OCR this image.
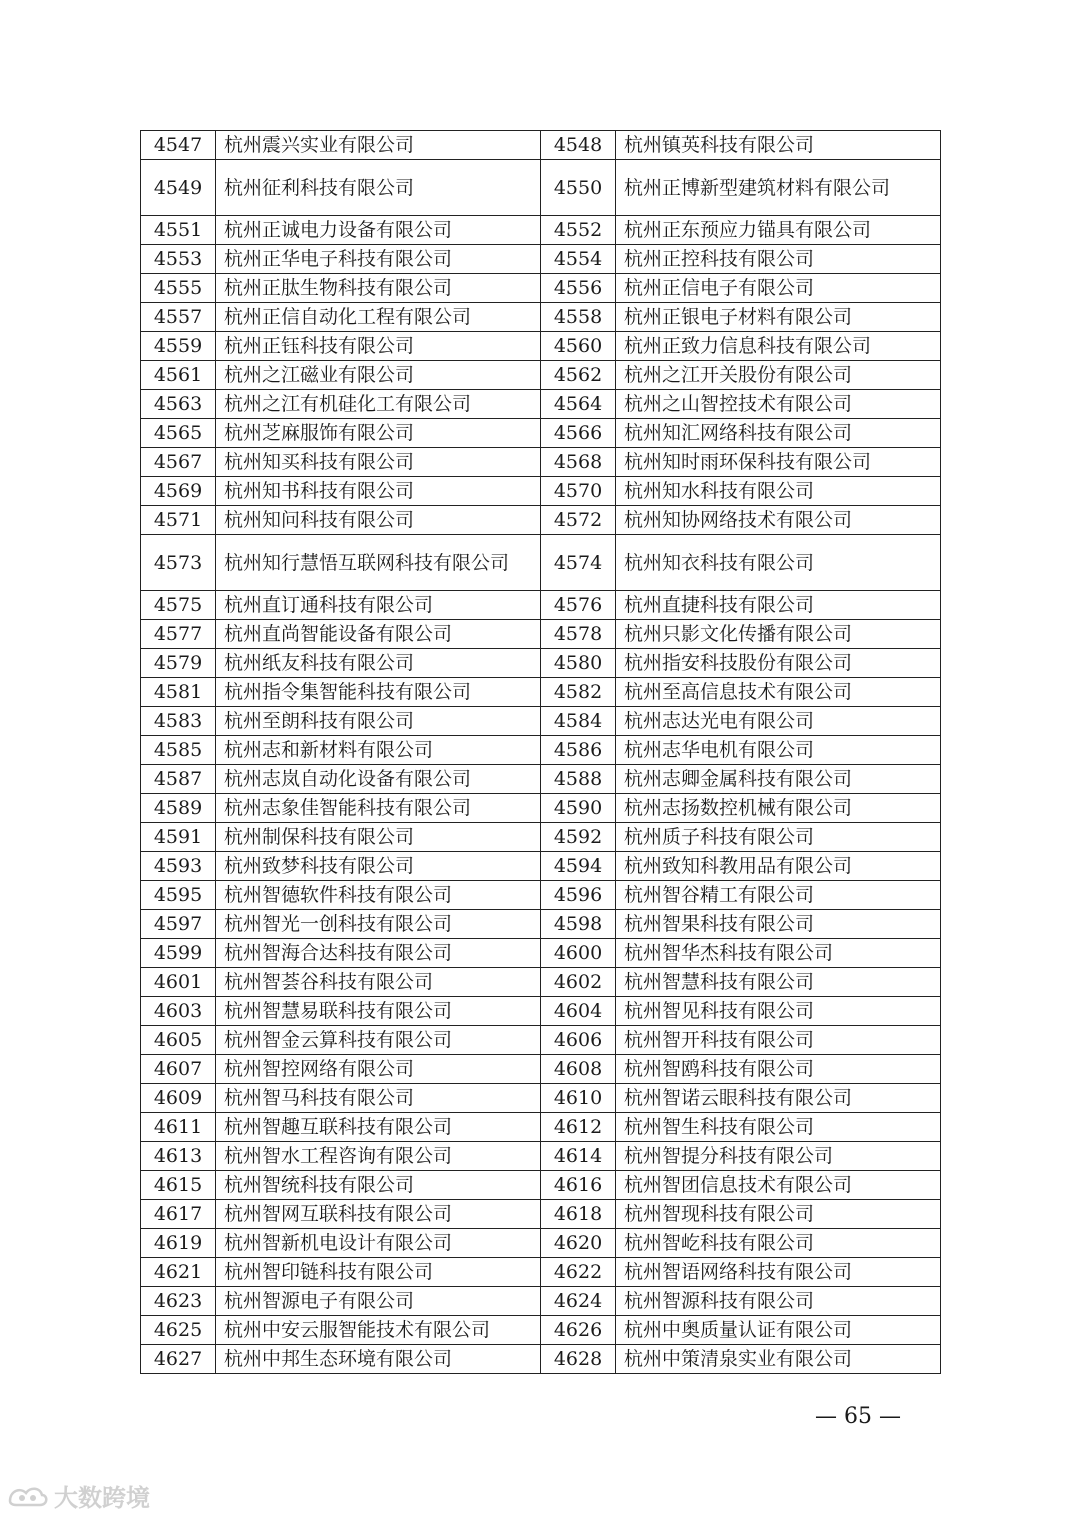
4547	杭州震兴实业有限公司	4548	杭州镇英科技有限公司
4549	杭州征利科技有限公司	4550	杭州正博新型建筑材料有限公司
4551	杭州正诚电力设备有限公司	4552	杭州正东预应力锚具有限公司
4553	杭州正华电子科技有限公司	4554	杭州正控科技有限公司
4555	杭州正肽生物科技有限公司	4556	杭州正信电子有限公司
4557	杭州正信自动化工程有限公司	4558	杭州正银电子材料有限公司
4559	杭州正钰科技有限公司	4560	杭州正致力信息科技有限公司
4561	杭州之江磁业有限公司	4562	杭州之江开关股份有限公司
4563	杭州之江有机硅化工有限公司	4564	杭州之山智控技术有限公司
4565	杭州芝麻服饰有限公司	4566	杭州知汇网络科技有限公司
4567	杭州知买科技有限公司	4568	杭州知时雨环保科技有限公司
4569	杭州知书科技有限公司	4570	杭州知水科技有限公司
4571	杭州知问科技有限公司	4572	杭州知协网络技术有限公司
4573	杭州知行慧悟互联网科技有限公司	4574	杭州知衣科技有限公司
4575	杭州直订通科技有限公司	4576	杭州直捷科技有限公司
4577	杭州直尚智能设备有限公司	4578	杭州只影文化传播有限公司
4579	杭州纸友科技有限公司	4580	杭州指安科技股份有限公司
4581	杭州指令集智能科技有限公司	4582	杭州至高信息技术有限公司
4583	杭州至朗科技有限公司	4584	杭州志达光电有限公司
4585	杭州志和新材料有限公司	4586	杭州志华电机有限公司
4587	杭州志岚自动化设备有限公司	4588	杭州志卿金属科技有限公司
4589	杭州志象佳智能科技有限公司	4590	杭州志扬数控机械有限公司
4591	杭州制保科技有限公司	4592	杭州质子科技有限公司
4593	杭州致梦科技有限公司	4594	杭州致知科教用品有限公司
4595	杭州智德软件科技有限公司	4596	杭州智谷精工有限公司
4597	杭州智光一创科技有限公司	4598	杭州智果科技有限公司
4599	杭州智海合达科技有限公司	4600	杭州智华杰科技有限公司
4601	杭州智荟谷科技有限公司	4602	杭州智慧科技有限公司
4603	杭州智慧易联科技有限公司	4604	杭州智见科技有限公司
4605	杭州智金云算科技有限公司	4606	杭州智开科技有限公司
4607	杭州智控网络有限公司	4608	杭州智鸥科技有限公司
4609	杭州智马科技有限公司	4610	杭州智诺云眼科技有限公司
4611	杭州智趣互联科技有限公司	4612	杭州智生科技有限公司
4613	杭州智水工程咨询有限公司	4614	杭州智提分科技有限公司
4615	杭州智统科技有限公司	4616	杭州智团信息技术有限公司
4617	杭州智网互联科技有限公司	4618	杭州智现科技有限公司
4619	杭州智新机电设计有限公司	4620	杭州智屹科技有限公司
4621	杭州智印链科技有限公司	4622	杭州智语网络科技有限公司
4623	杭州智源电子有限公司	4624	杭州智源科技有限公司
4625	杭州中安云服智能技术有限公司	4626	杭州中奥质量认证有限公司
4627	杭州中邦生态环境有限公司	4628	杭州中策清泉实业有限公司
— 65 —
大数跨境
